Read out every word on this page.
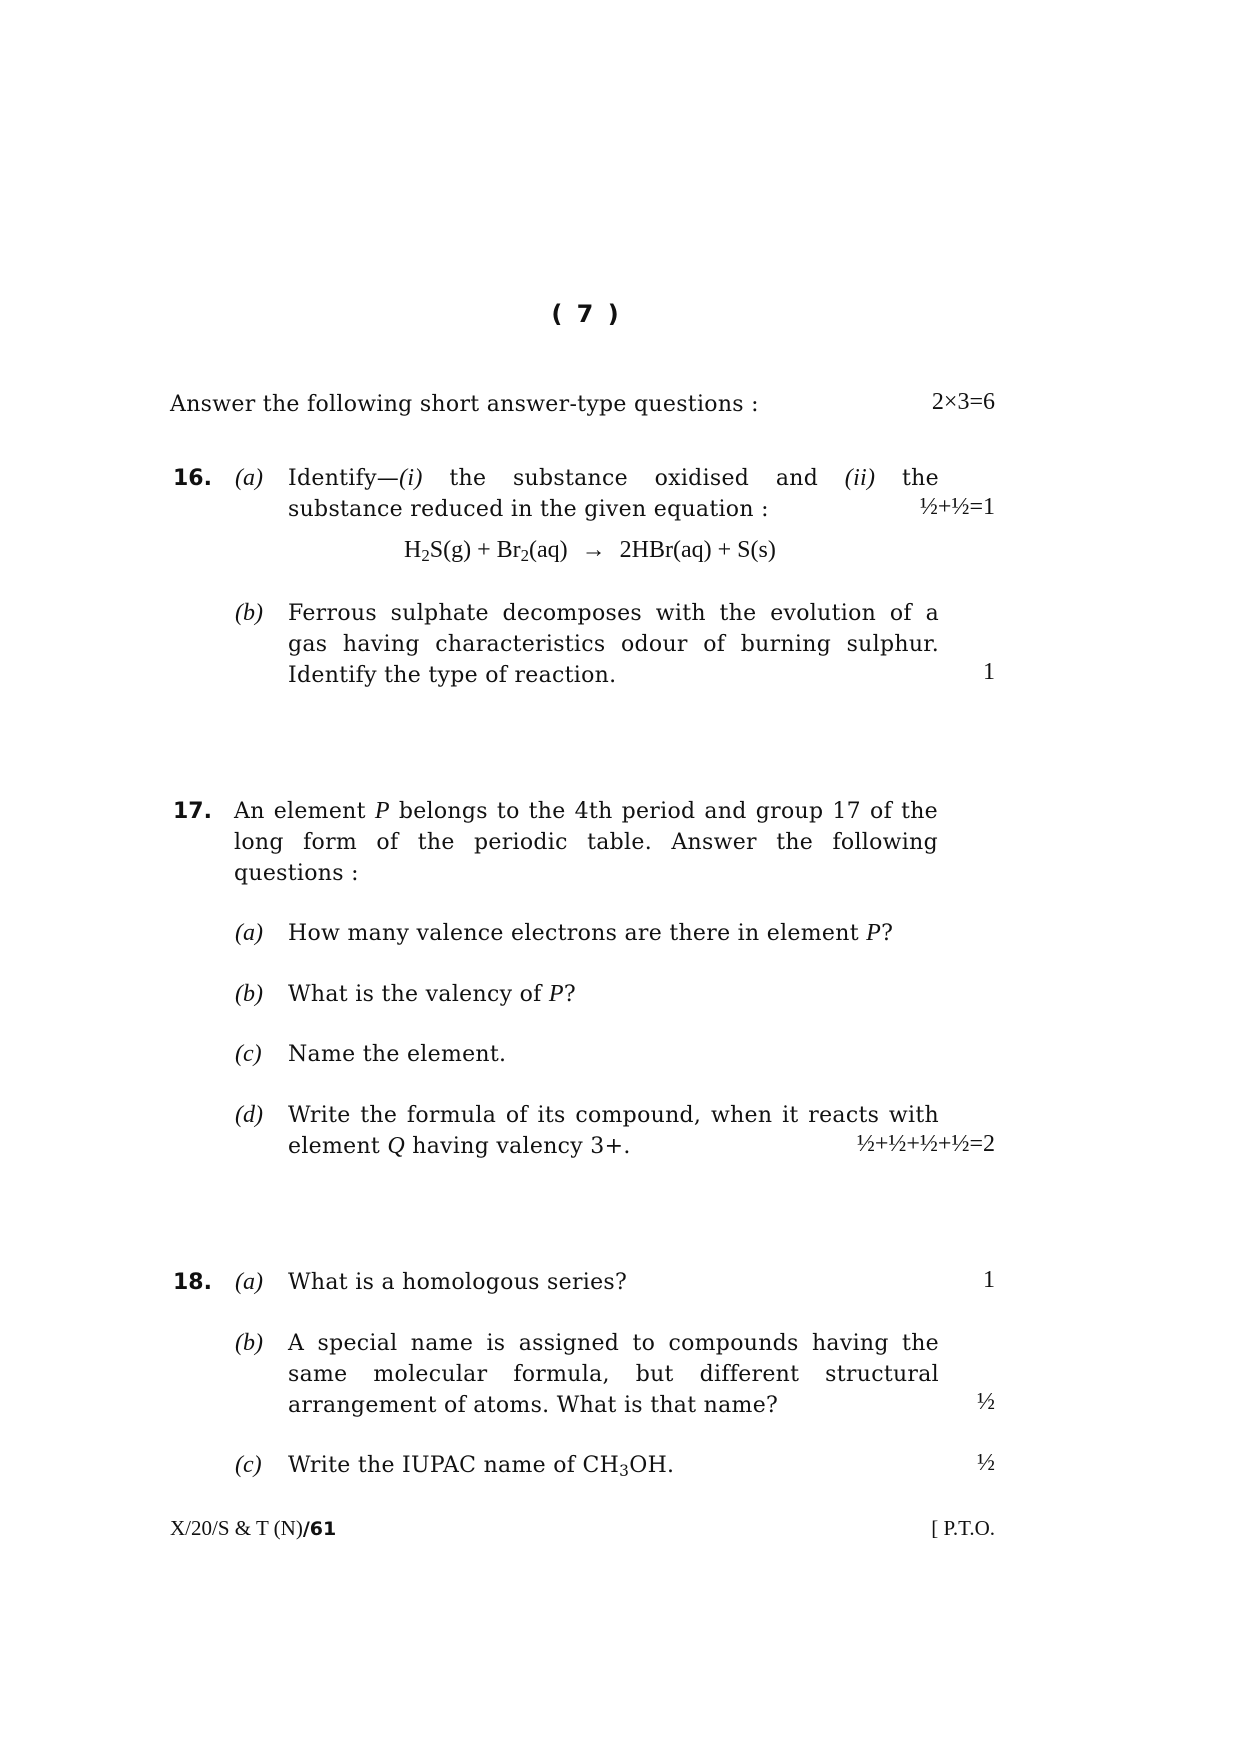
( 7 )
Answer the following short answer-type questions :	2×3=6
16. (a) Identify—(i) the substance oxidised and (ii) the
substance reduced in the given equation :	½+½=1
$H_2S(g) + Br_2(aq) \to 2HBr(aq) + S(s)$
(b) Ferrous sulphate decomposes with the evolution of a gas having characteristics odour of burning sulphur. Identify the type of reaction.	1
17. An element P belongs to the 4th period and group 17 of the long form of the periodic table. Answer the following questions :
(a) How many valence electrons are there in element P?
(b) What is the valency of P?
(c) Name the element.
(d) Write the formula of its compound, when it reacts with element Q having valency 3+.	½+½+½+½=2
18. (a) What is a homologous series?	1
(b) A special name is assigned to compounds having the same molecular formula, but different structural arrangement of atoms. What is that name?	½
(c) Write the IUPAC name of $CH_3OH$.	½
X/20/S & T (N)/61	[ P.T.O.
